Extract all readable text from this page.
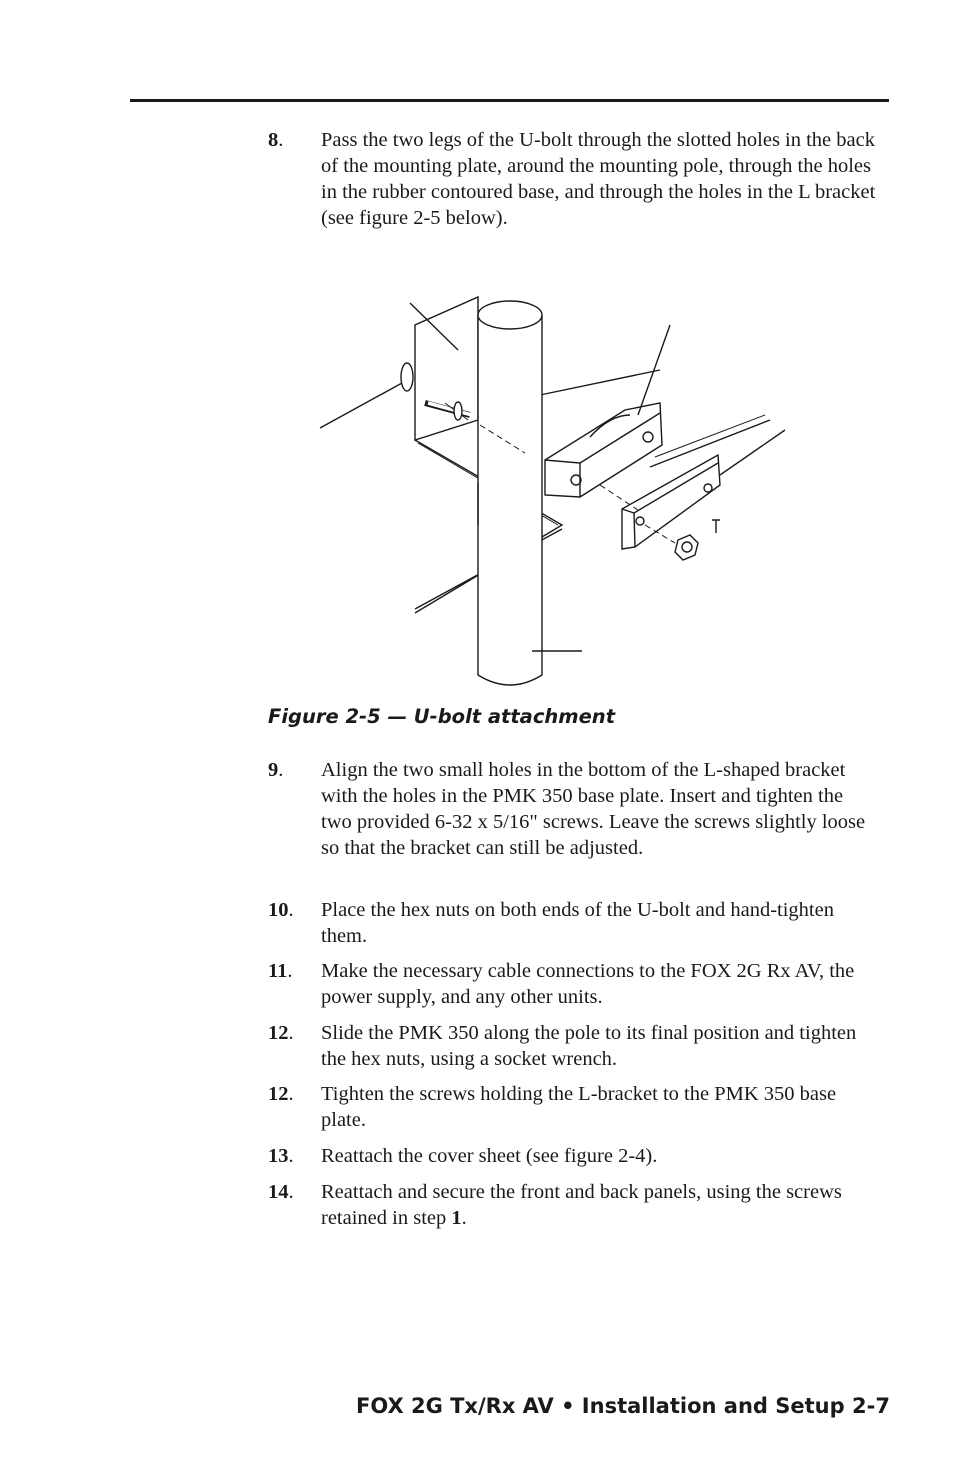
8. Pass the two legs of the U-bolt through the slotted holes in the back of the mounting plate, around the mounting pole, through the holes in the rubber contoured base, and through the holes in the L bracket (see figure 2-5 below).
Figure 2-5 — U-bolt attachment
9. Align the two small holes in the bottom of the L-shaped bracket with the holes in the PMK 350 base plate. Insert and tighten the two provided 6-32 x 5/16" screws. Leave the screws slightly loose so that the bracket can still be adjusted.
10. Place the hex nuts on both ends of the U-bolt and hand-tighten them.
11. Make the necessary cable connections to the FOX 2G Rx AV, the power supply, and any other units.
12. Slide the PMK 350 along the pole to its final position and tighten the hex nuts, using a socket wrench.
12. Tighten the screws holding the L-bracket to the PMK 350 base plate.
13. Reattach the cover sheet (see figure 2-4).
14. Reattach and secure the front and back panels, using the screws retained in step 1.
FOX 2G Tx/Rx AV • Installation and Setup 2-7
